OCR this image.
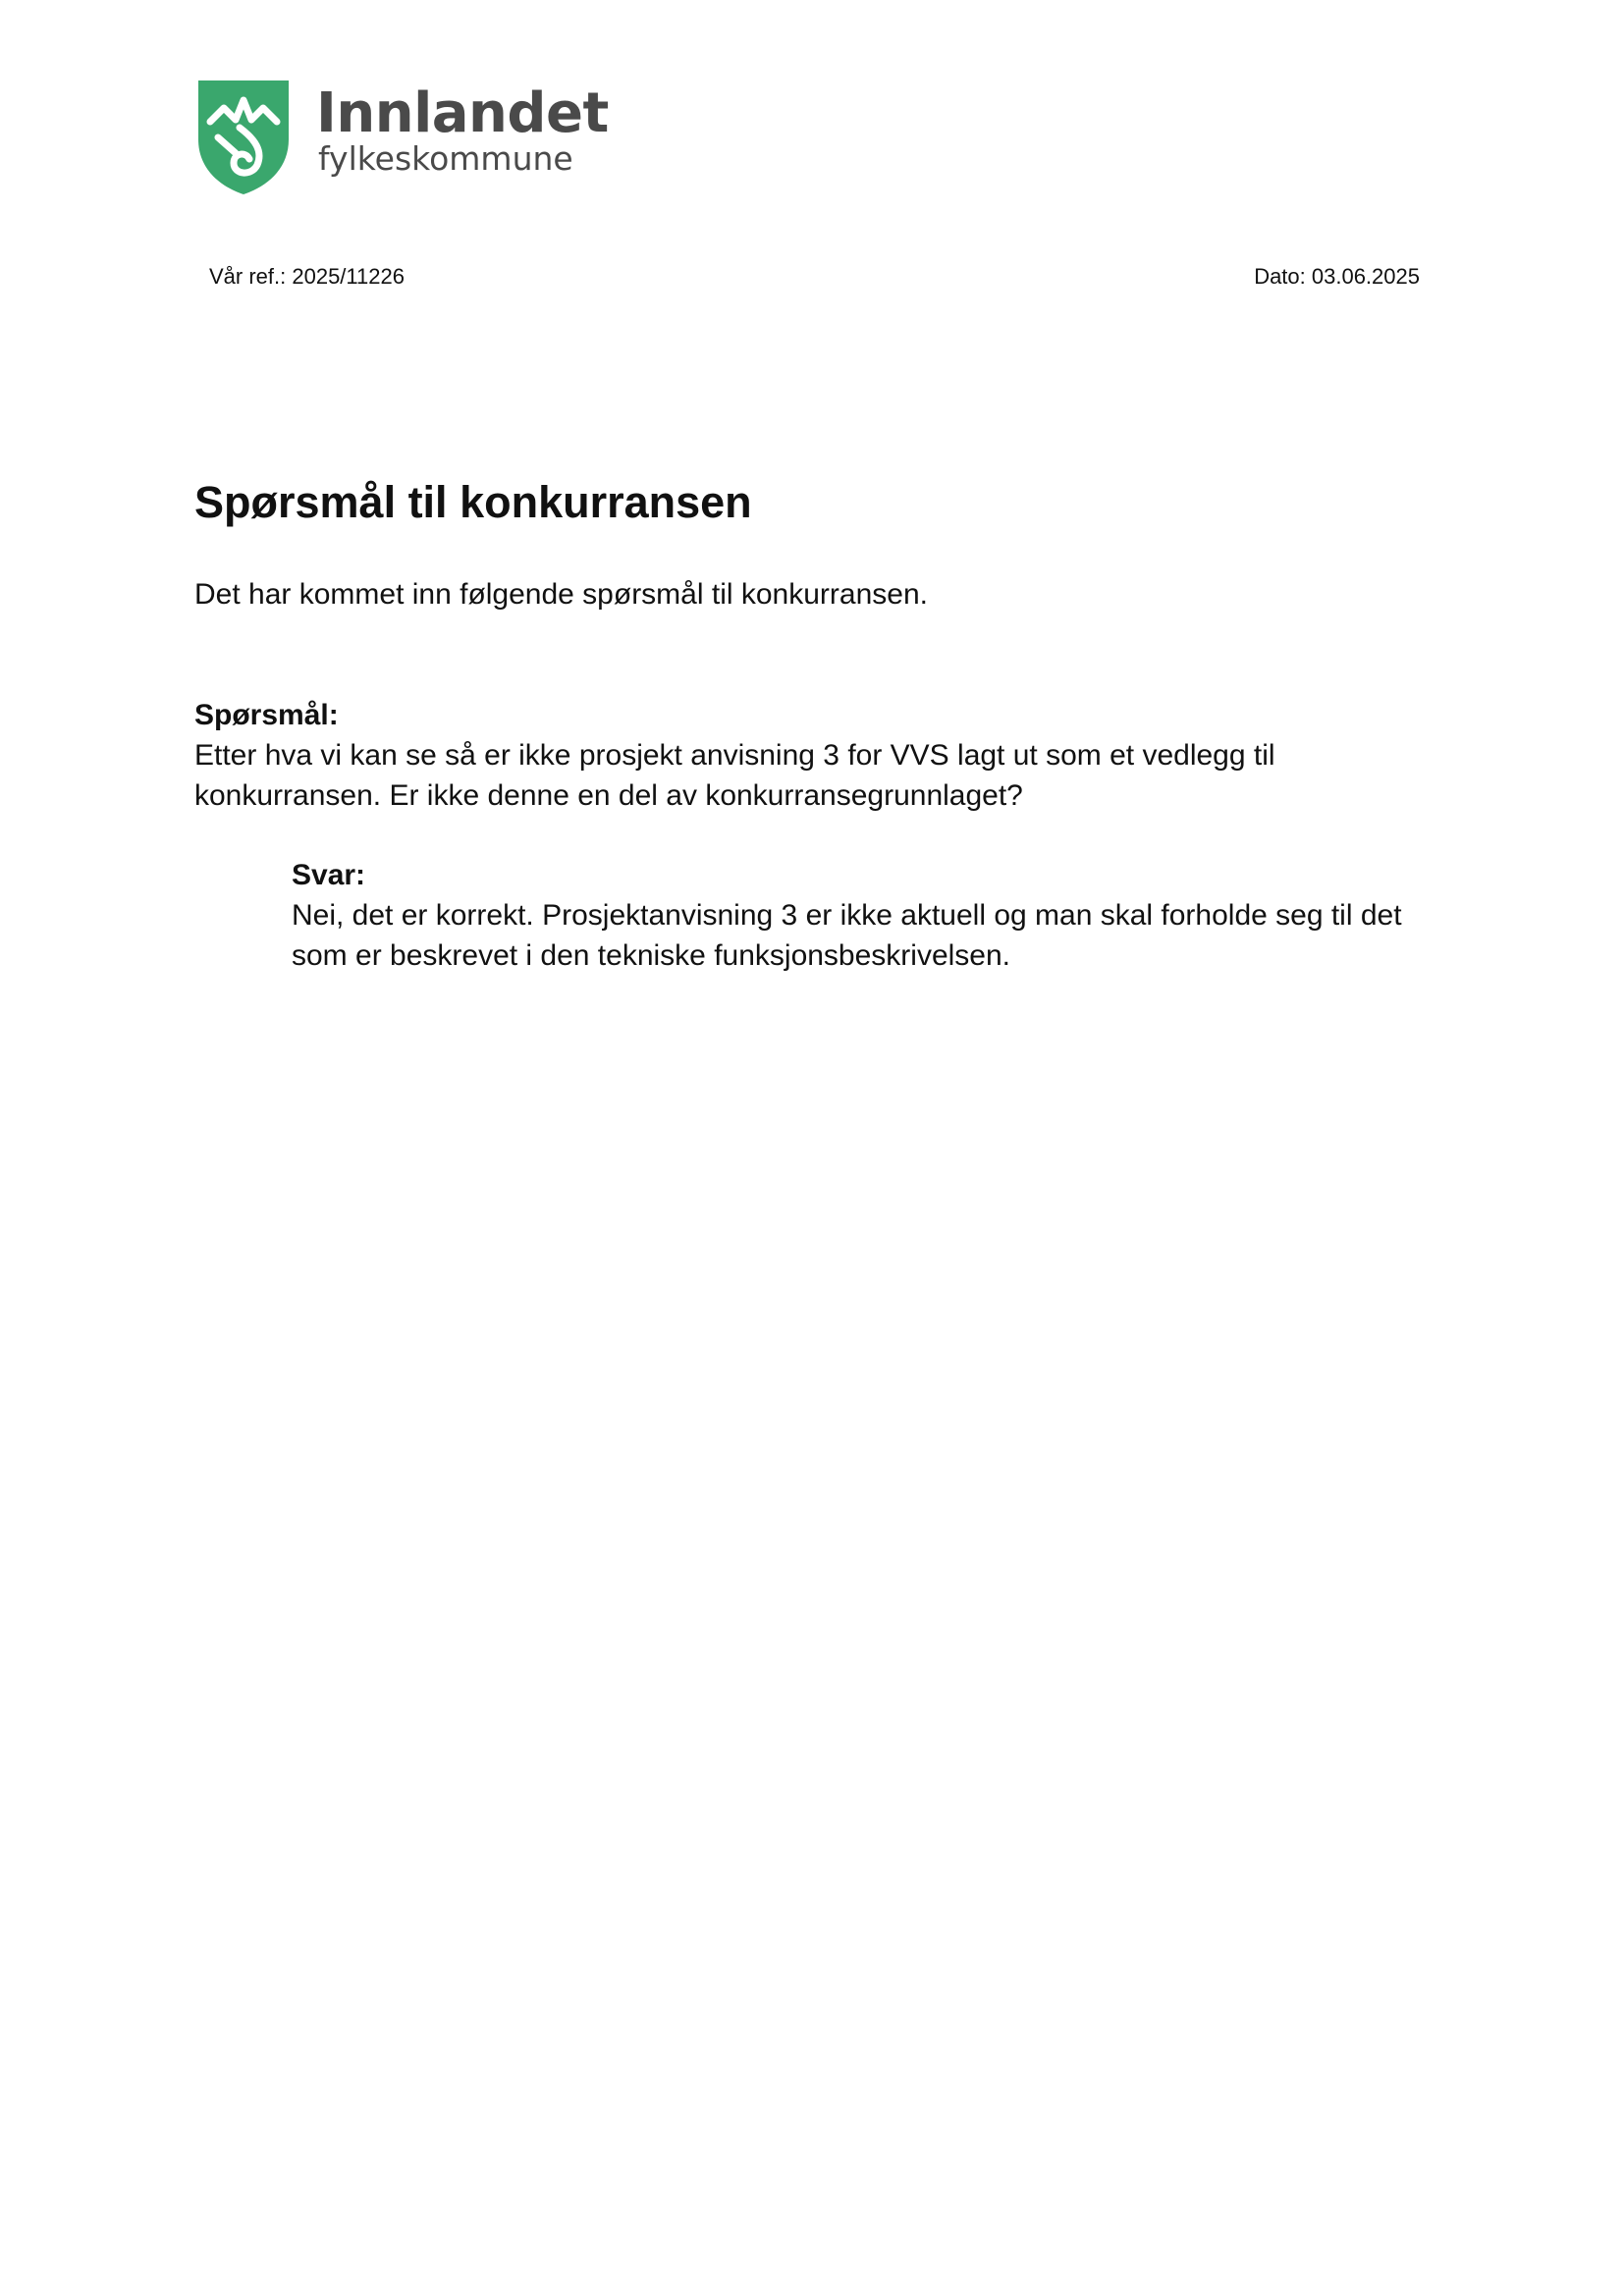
Innlandet
fylkeskommune
Vår ref.: 2025/11226	Dato: 03.06.2025
Spørsmål til konkurransen

Det har kommet inn følgende spørsmål til konkurransen.

Spørsmål:
Etter hva vi kan se så er ikke prosjekt anvisning 3 for VVS lagt ut som et vedlegg til konkurransen. Er ikke denne en del av konkurransegrunnlaget?
Svar:
Nei, det er korrekt. Prosjektanvisning 3 er ikke aktuell og man skal forholde seg til det som er beskrevet i den tekniske funksjonsbeskrivelsen.
